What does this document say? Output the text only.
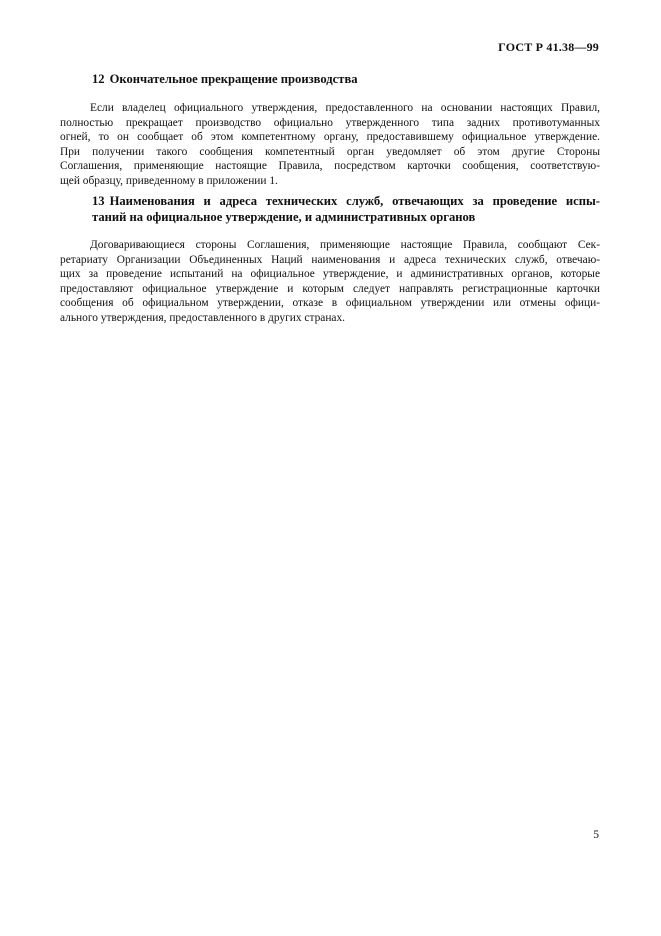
ГОСТ Р 41.38—99
12 Окончательное прекращение производства
Если владелец официального утверждения, предоставленного на основании настоящих Правил,
полностью прекращает производство официально утвержденного типа задних противотуманных
огней, то он сообщает об этом компетентному органу, предоставившему официальное утверждение.
При получении такого сообщения компетентный орган уведомляет об этом другие Стороны
Соглашения, применяющие настоящие Правила, посредством карточки сообщения, соответствую-
щей образцу, приведенному в приложении 1.
13 Наименования и адреса технических служб, отвечающих за проведение испы-
таний на официальное утверждение, и административных органов
Договаривающиеся стороны Соглашения, применяющие настоящие Правила, сообщают Сек-
ретариату Организации Объединенных Наций наименования и адреса технических служб, отвечаю-
щих за проведение испытаний на официальное утверждение, и административных органов, которые
предоставляют официальное утверждение и которым следует направлять регистрационные карточки
сообщения об официальном утверждении, отказе в официальном утверждении или отмены офици-
ального утверждения, предоставленного в других странах.
5
